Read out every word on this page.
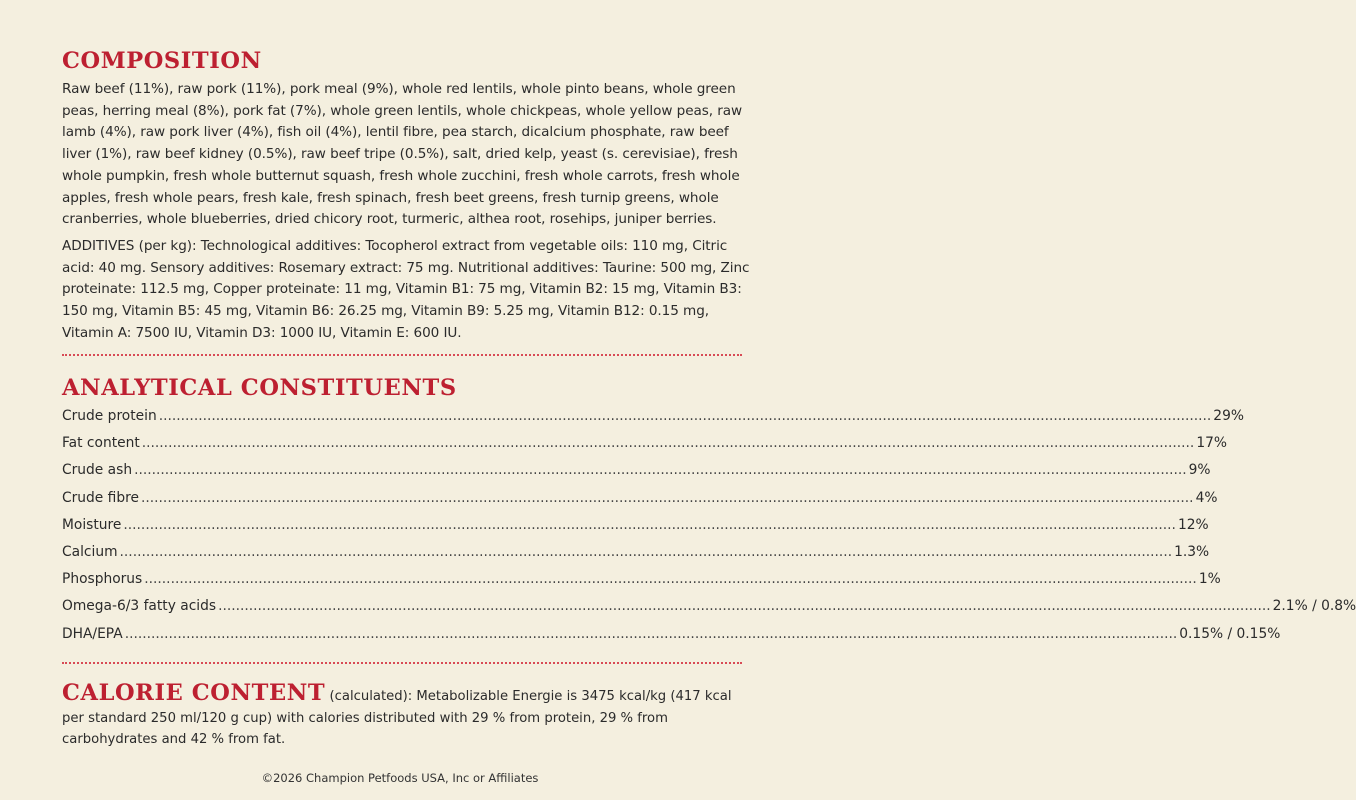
COMPOSITION

Raw beef (11%), raw pork (11%), pork meal (9%), whole red lentils, whole pinto beans, whole green peas, herring meal (8%), pork fat (7%), whole green lentils, whole chickpeas, whole yellow peas, raw lamb (4%), raw pork liver (4%), fish oil (4%), lentil fibre, pea starch, dicalcium phosphate, raw beef liver (1%), raw beef kidney (0.5%), raw beef tripe (0.5%), salt, dried kelp, yeast (s. cerevisiae), fresh whole pumpkin, fresh whole butternut squash, fresh whole zucchini, fresh whole carrots, fresh whole apples, fresh whole pears, fresh kale, fresh spinach, fresh beet greens, fresh turnip greens, whole cranberries, whole blueberries, dried chicory root, turmeric, althea root, rosehips, juniper berries.

ADDITIVES (per kg): Technological additives: Tocopherol extract from vegetable oils: 110 mg, Citric acid: 40 mg. Sensory additives: Rosemary extract: 75 mg. Nutritional additives: Taurine: 500 mg, Zinc proteinate: 112.5 mg, Copper proteinate: 11 mg, Vitamin B1: 75 mg, Vitamin B2: 15 mg, Vitamin B3: 150 mg, Vitamin B5: 45 mg, Vitamin B6: 26.25 mg, Vitamin B9: 5.25 mg, Vitamin B12: 0.15 mg, Vitamin A: 7500 IU, Vitamin D3: 1000 IU, Vitamin E: 600 IU.

ANALYTICAL CONSTITUENTS
Crude protein ................................................................................................................................................................................................................................................ 29%
Fat content ................................................................................................................................................................................................................................................ 17%
Crude ash ................................................................................................................................................................................................................................................ 9%
Crude fibre ................................................................................................................................................................................................................................................ 4%
Moisture ................................................................................................................................................................................................................................................ 12%
Calcium ................................................................................................................................................................................................................................................ 1.3%
Phosphorus ................................................................................................................................................................................................................................................ 1%
Omega-6/3 fatty acids ................................................................................................................................................................................................................................................ 2.1% / 0.8%
DHA/EPA ................................................................................................................................................................................................................................................ 0.15% / 0.15%
CALORIE CONTENT (calculated): Metabolizable Energie is 3475 kcal/kg (417 kcal per standard 250 ml/120 g cup) with calories distributed with 29 % from protein, 29 % from carbohydrates and 42 % from fat.
©2026 Champion Petfoods USA, Inc or Affiliates
